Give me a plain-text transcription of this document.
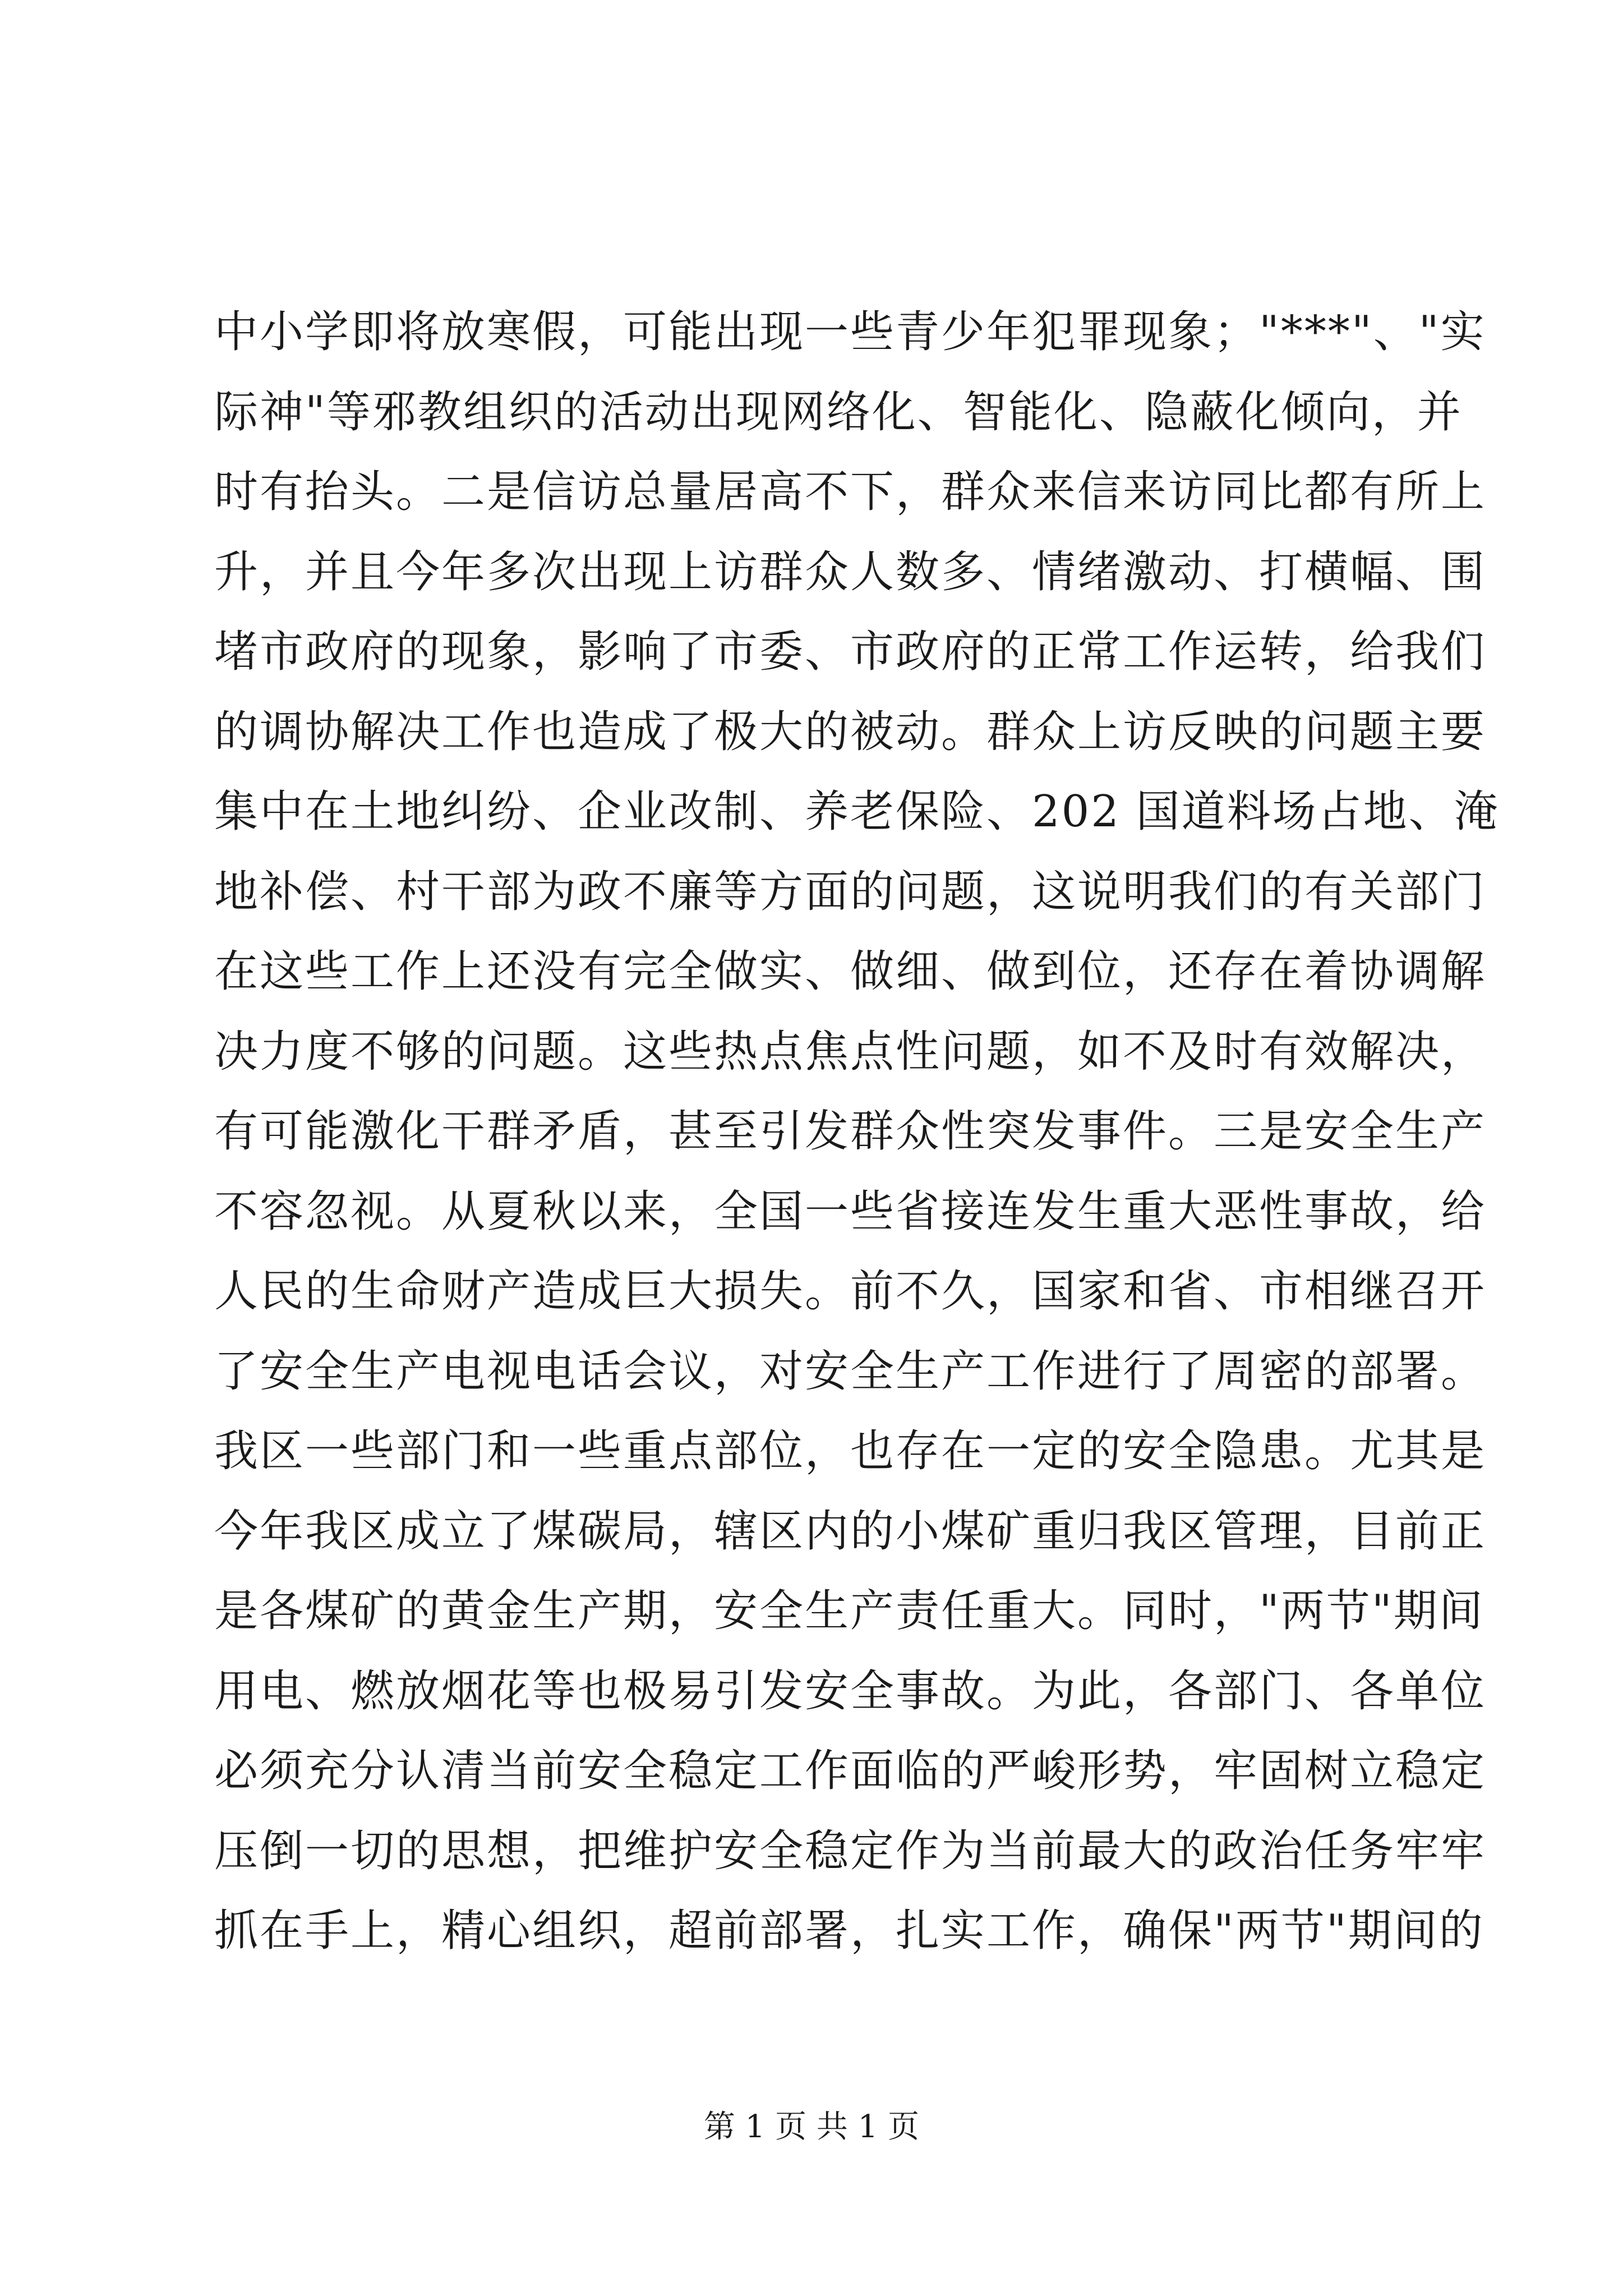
中小学即将放寒假，可能出现一些青少年犯罪现象；"***"、"实
际神"等邪教组织的活动出现网络化、智能化、隐蔽化倾向，并
时有抬头。二是信访总量居高不下，群众来信来访同比都有所上
升，并且今年多次出现上访群众人数多、情绪激动、打横幅、围
堵市政府的现象，影响了市委、市政府的正常工作运转，给我们
的调协解决工作也造成了极大的被动。群众上访反映的问题主要
集中在土地纠纷、企业改制、养老保险、202 国道料场占地、淹
地补偿、村干部为政不廉等方面的问题，这说明我们的有关部门
在这些工作上还没有完全做实、做细、做到位，还存在着协调解
决力度不够的问题。这些热点焦点性问题，如不及时有效解决，
有可能激化干群矛盾，甚至引发群众性突发事件。三是安全生产
不容忽视。从夏秋以来，全国一些省接连发生重大恶性事故，给
人民的生命财产造成巨大损失。前不久，国家和省、市相继召开
了安全生产电视电话会议，对安全生产工作进行了周密的部署。
我区一些部门和一些重点部位，也存在一定的安全隐患。尤其是
今年我区成立了煤碳局，辖区内的小煤矿重归我区管理，目前正
是各煤矿的黄金生产期，安全生产责任重大。同时，"两节"期间
用电、燃放烟花等也极易引发安全事故。为此，各部门、各单位
必须充分认清当前安全稳定工作面临的严峻形势，牢固树立稳定
压倒一切的思想，把维护安全稳定作为当前最大的政治任务牢牢
抓在手上，精心组织，超前部署，扎实工作，确保"两节"期间的
第 1 页 共 1 页
